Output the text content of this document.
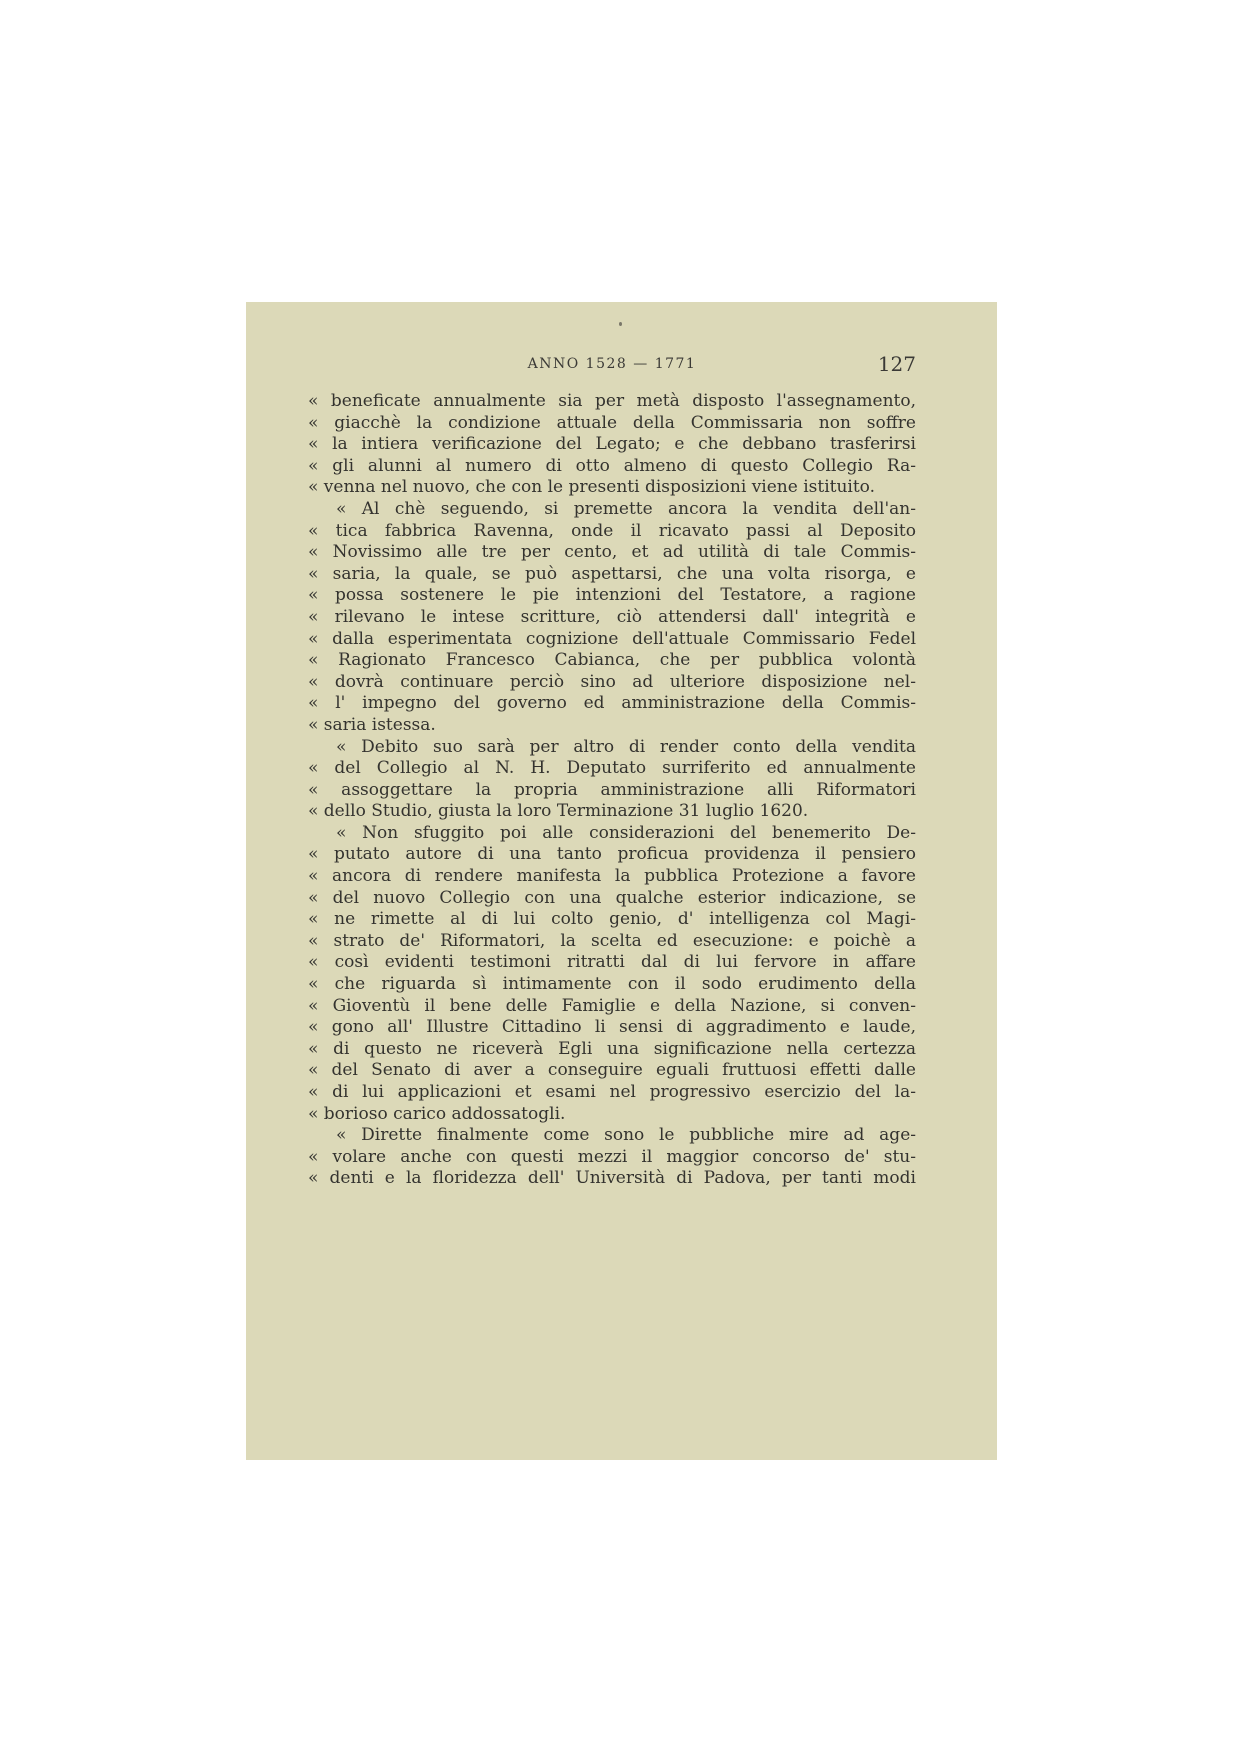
ANNO 1528 — 1771	127
« beneficate annualmente sia per metà disposto l'assegnamento,
« giacchè la condizione attuale della Commissaria non soffre
« la intiera verificazione del Legato; e che debbano trasferirsi
« gli alunni al numero di otto almeno di questo Collegio Ra-
« venna nel nuovo, che con le presenti disposizioni viene istituito.
« Al chè seguendo, si premette ancora la vendita dell'an-
« tica fabbrica Ravenna, onde il ricavato passi al Deposito
« Novissimo alle tre per cento, et ad utilità di tale Commis-
« saria, la quale, se può aspettarsi, che una volta risorga, e
« possa sostenere le pie intenzioni del Testatore, a ragione
« rilevano le intese scritture, ciò attendersi dall' integrità e
« dalla esperimentata cognizione dell'attuale Commissario Fedel
« Ragionato Francesco Cabianca, che per pubblica volontà
« dovrà continuare perciò sino ad ulteriore disposizione nel-
« l' impegno del governo ed amministrazione della Commis-
« saria istessa.
« Debito suo sarà per altro di render conto della vendita
« del Collegio al N. H. Deputato surriferito ed annualmente
« assoggettare la propria amministrazione alli Riformatori
« dello Studio, giusta la loro Terminazione 31 luglio 1620.
« Non sfuggito poi alle considerazioni del benemerito De-
« putato autore di una tanto proficua providenza il pensiero
« ancora di rendere manifesta la pubblica Protezione a favore
« del nuovo Collegio con una qualche esterior indicazione, se
« ne rimette al di lui colto genio, d' intelligenza col Magi-
« strato de' Riformatori, la scelta ed esecuzione: e poichè a
« così evidenti testimoni ritratti dal di lui fervore in affare
« che riguarda sì intimamente con il sodo erudimento della
« Gioventù il bene delle Famiglie e della Nazione, si conven-
« gono all' Illustre Cittadino li sensi di aggradimento e laude,
« di questo ne riceverà Egli una significazione nella certezza
« del Senato di aver a conseguire eguali fruttuosi effetti dalle
« di lui applicazioni et esami nel progressivo esercizio del la-
« borioso carico addossatogli.
« Dirette finalmente come sono le pubbliche mire ad age-
« volare anche con questi mezzi il maggior concorso de' stu-
« denti e la floridezza dell' Università di Padova, per tanti modi
